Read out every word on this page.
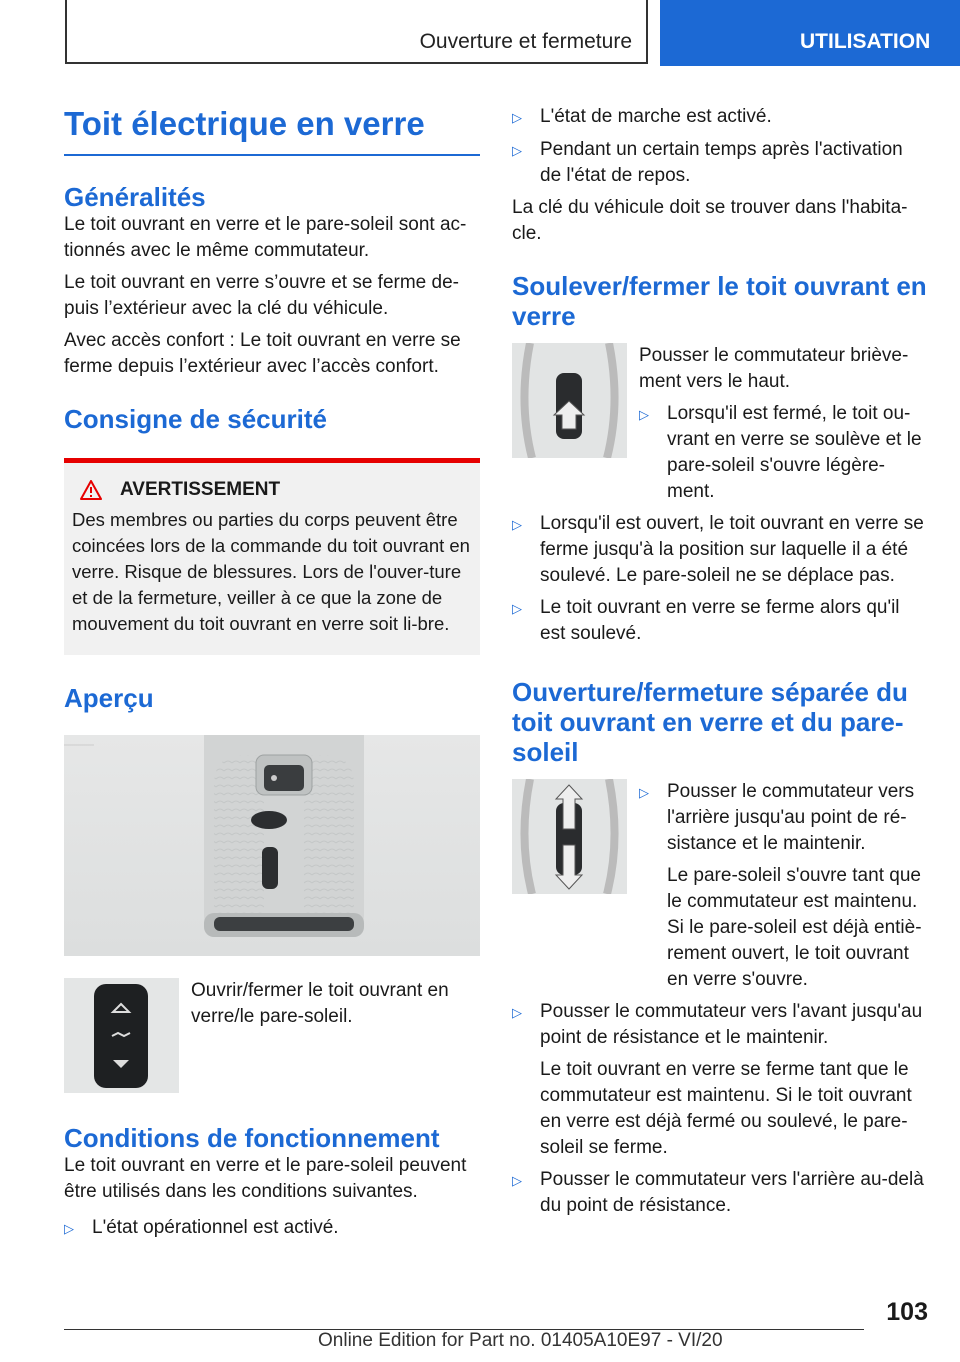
Ouverture et fermeture	UTILISATION
Toit électrique en verre
Généralités

Le toit ouvrant en verre et le pare-soleil sont ac-tionnés avec le même commutateur.

Le toit ouvrant en verre s’ouvre et se ferme de-puis l’extérieur avec la clé du véhicule.

Avec accès confort : Le toit ouvrant en verre se ferme depuis l’extérieur avec l’accès confort.

Consigne de sécurité
AVERTISSEMENT

Des membres ou parties du corps peuvent être coincées lors de la commande du toit ouvrant en verre. Risque de blessures. Lors de l'ouver-ture et de la fermeture, veiller à ce que la zone de mouvement du toit ouvrant en verre soit li-bre.

Aperçu

Ouvrir/fermer le toit ouvrant en verre/le pare-soleil.

Conditions de fonctionnement

Le toit ouvrant en verre et le pare-soleil peuvent être utilisés dans les conditions suivantes.

▷ L'état opérationnel est activé.
▷ L'état de marche est activé.
▷ Pendant un certain temps après l'activation de l'état de repos.

La clé du véhicule doit se trouver dans l'habita-cle.

Soulever/fermer le toit ouvrant en verre

Pousser le commutateur briève-ment vers le haut.

▷ Lorsqu'il est fermé, le toit ou-vrant en verre se soulève et le pare-soleil s'ouvre légère-ment.
▷ Lorsqu'il est ouvert, le toit ouvrant en verre se ferme jusqu'à la position sur laquelle il a été soulevé. Le pare-soleil ne se déplace pas.
▷ Le toit ouvrant en verre se ferme alors qu'il est soulevé.
Ouverture/fermeture séparée du toit ouvrant en verre et du pare-soleil
▷ Pousser le commutateur vers l'arrière jusqu'au point de ré-sistance et le maintenir.

Le pare-soleil s'ouvre tant que le commutateur est maintenu. Si le pare-soleil est déjà entiè-rement ouvert, le toit ouvrant en verre s'ouvre.

▷ Pousser le commutateur vers l'avant jusqu'au point de résistance et le maintenir.

Le toit ouvrant en verre se ferme tant que le commutateur est maintenu. Si le toit ouvrant en verre est déjà fermé ou soulevé, le pare-soleil se ferme.

▷ Pousser le commutateur vers l'arrière au-delà du point de résistance.
103
Online Edition for Part no. 01405A10E97 - VI/20
